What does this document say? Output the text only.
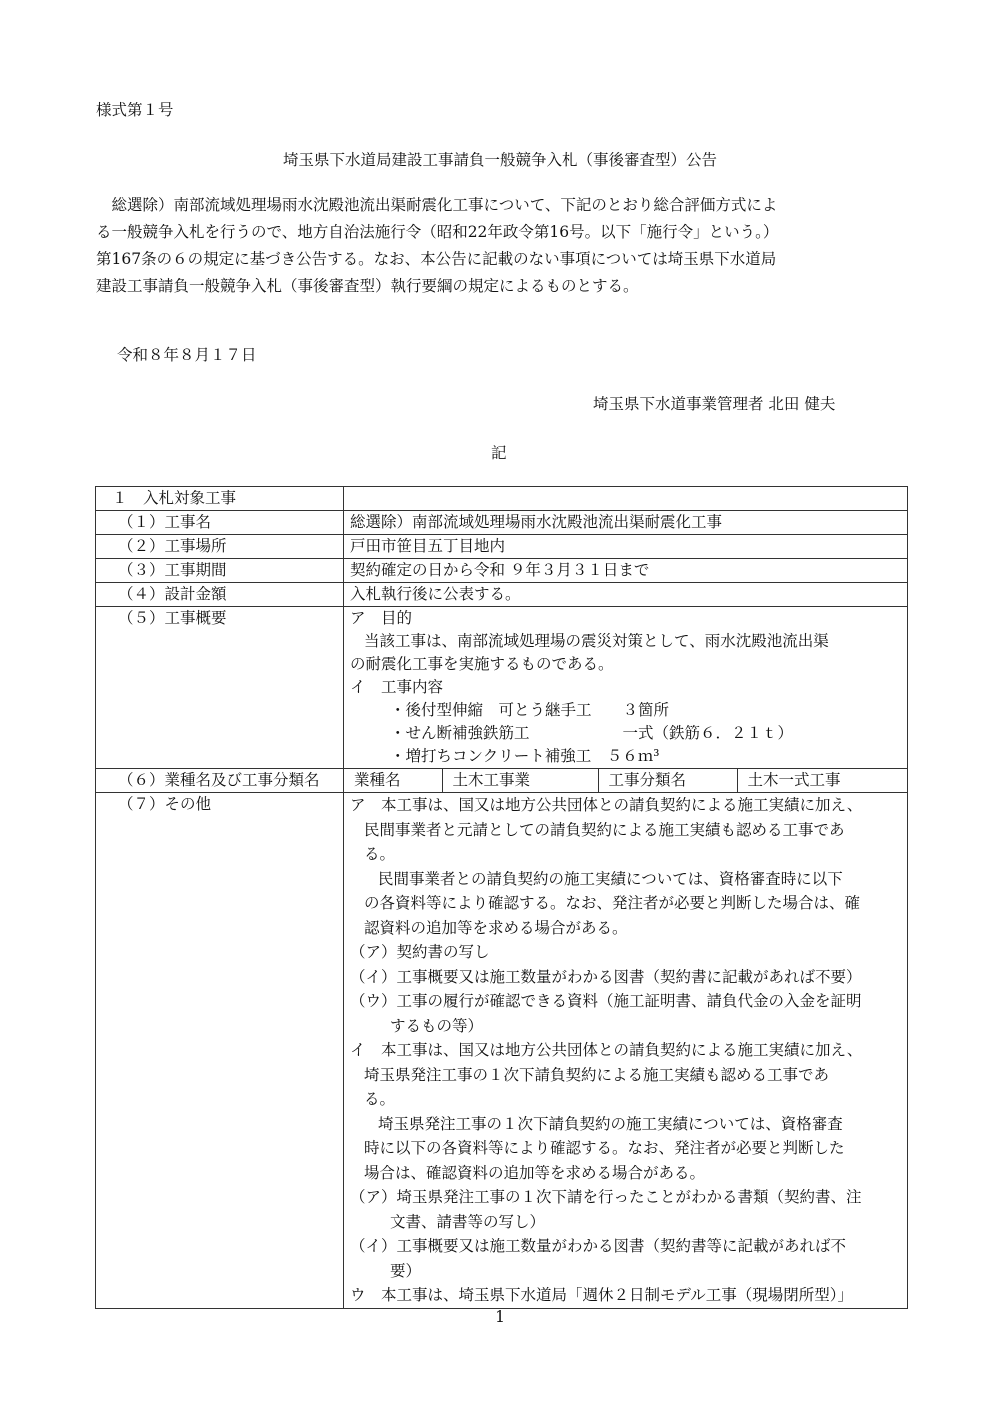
様式第１号
埼玉県下水道局建設工事請負一般競争入札（事後審査型）公告
　総選除）南部流域処理場雨水沈殿池流出渠耐震化工事について、下記のとおり総合評価方式によ
る一般競争入札を行うので、地方自治法施行令（昭和22年政令第16号。以下「施行令」という。）
第167条の６の規定に基づき公告する。なお、本公告に記載のない事項については埼玉県下水道局
建設工事請負一般競争入札（事後審査型）執行要綱の規定によるものとする。
令和８年８月１７日
埼玉県下水道事業管理者 北田 健夫
記
１　入札対象工事	
（１）工事名	総選除）南部流域処理場雨水沈殿池流出渠耐震化工事
（２）工事場所	戸田市笹目五丁目地内
（３）工事期間	契約確定の日から令和 ９年３月３１日まで
（４）設計金額	入札執行後に公表する。
（５）工事概要	ア　目的
当該工事は、南部流域処理場の震災対策として、雨水沈殿池流出渠
の耐震化工事を実施するものである。
イ　工事内容
・後付型伸縮　可とう継手工　　３箇所
・せん断補強鉄筋工　　　　　　一式（鉄筋６．２１ｔ）
・増打ちコンクリート補強工　５６ｍ³

（６）業種名及び工事分類名	業種名	土木工事業	工事分類名	土木一式工事

（７）その他	ア　本工事は、国又は地方公共団体との請負契約による施工実績に加え、
民間事業者と元請としての請負契約による施工実績も認める工事であ
る。
民間事業者との請負契約の施工実績については、資格審査時に以下
の各資料等により確認する。なお、発注者が必要と判断した場合は、確
認資料の追加等を求める場合がある。
（ア）契約書の写し
（イ）工事概要又は施工数量がわかる図書（契約書に記載があれば不要）
（ウ）工事の履行が確認できる資料（施工証明書、請負代金の入金を証明
するもの等）
イ　本工事は、国又は地方公共団体との請負契約による施工実績に加え、
埼玉県発注工事の１次下請負契約による施工実績も認める工事であ
る。
埼玉県発注工事の１次下請負契約の施工実績については、資格審査
時に以下の各資料等により確認する。なお、発注者が必要と判断した
場合は、確認資料の追加等を求める場合がある。
（ア）埼玉県発注工事の１次下請を行ったことがわかる書類（契約書、注
文書、請書等の写し）
（イ）工事概要又は施工数量がわかる図書（契約書等に記載があれば不
要）
ウ　本工事は、埼玉県下水道局「週休２日制モデル工事（現場閉所型）」
1
